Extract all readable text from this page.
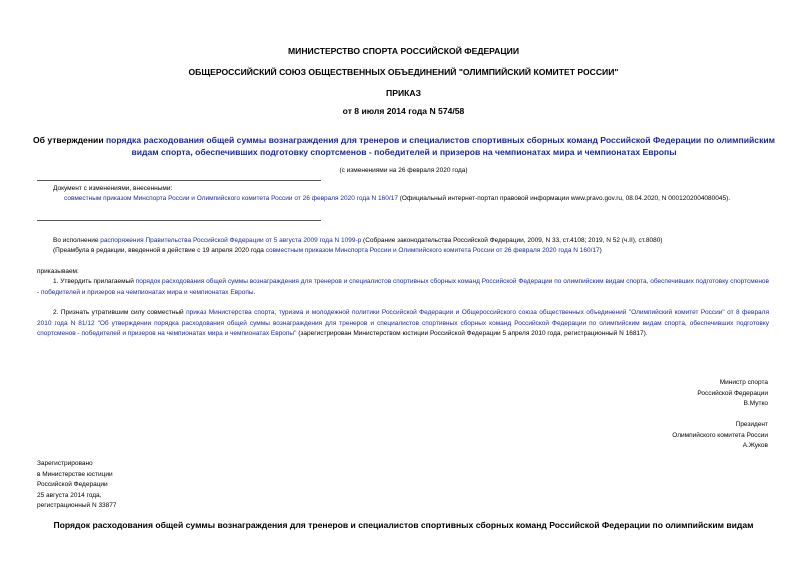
МИНИСТЕРСТВО СПОРТА РОССИЙСКОЙ ФЕДЕРАЦИИ
ОБЩЕРОССИЙСКИЙ СОЮЗ ОБЩЕСТВЕННЫХ ОБЪЕДИНЕНИЙ "ОЛИМПИЙСКИЙ КОМИТЕТ РОССИИ"
ПРИКАЗ
от 8 июля 2014 года N 574/58
Об утверждении порядка расходования общей суммы вознаграждения для тренеров и специалистов спортивных сборных команд Российской Федерации по олимпийским видам спорта, обеспечивших подготовку спортсменов - победителей и призеров на чемпионатах мира и чемпионатах Европы
(с изменениями на 26 февраля 2020 года)
Документ с изменениями, внесенными:
совместным приказом Минспорта России и Олимпийского комитета России от 26 февраля 2020 года N 160/17 (Официальный интернет-портал правовой информации www.pravo.gov.ru, 08.04.2020, N 0001202004080045).
Во исполнение распоряжения Правительства Российской Федерации от 5 августа 2009 года N 1099-р (Собрание законодательства Российской Федерации, 2009, N 33, ст.4108; 2019, N 52 (ч.II), ст.8080)
(Преамбула в редакции, введенной в действие с 19 апреля 2020 года совместным приказом Минспорта России и Олимпийского комитета России от 26 февраля 2020 года N 160/17)
приказываем:
1. Утвердить прилагаемый порядок расходования общей суммы вознаграждения для тренеров и специалистов спортивных сборных команд Российской Федерации по олимпийским видам спорта, обеспечивших подготовку спортсменов - победителей и призеров на чемпионатах мира и чемпионатах Европы.
2. Признать утратившим силу совместный приказ Министерства спорта, туризма и молодежной политики Российской Федерации и Общероссийского союза общественных объединений "Олимпийский комитет России" от 8 февраля 2010 года N 81/12 "Об утверждении порядка расходования общей суммы вознаграждения для тренеров и специалистов спортивных сборных команд Российской Федерации по олимпийским видам спорта, обеспечивших подготовку спортсменов - победителей и призеров на чемпионатах мира и чемпионатах Европы" (зарегистрирован Министерством юстиции Российской Федерации 5 апреля 2010 года, регистрационный N 16817).
Министр спорта
Российской Федерации
В.Мутко
Президент
Олимпийского комитета России
А.Жуков
Зарегистрировано
в Министерстве юстиции
Российской Федерации
25 августа 2014 года,
регистрационный N 33877
Порядок расходования общей суммы вознаграждения для тренеров и специалистов спортивных сборных команд Российской Федерации по олимпийским видам
